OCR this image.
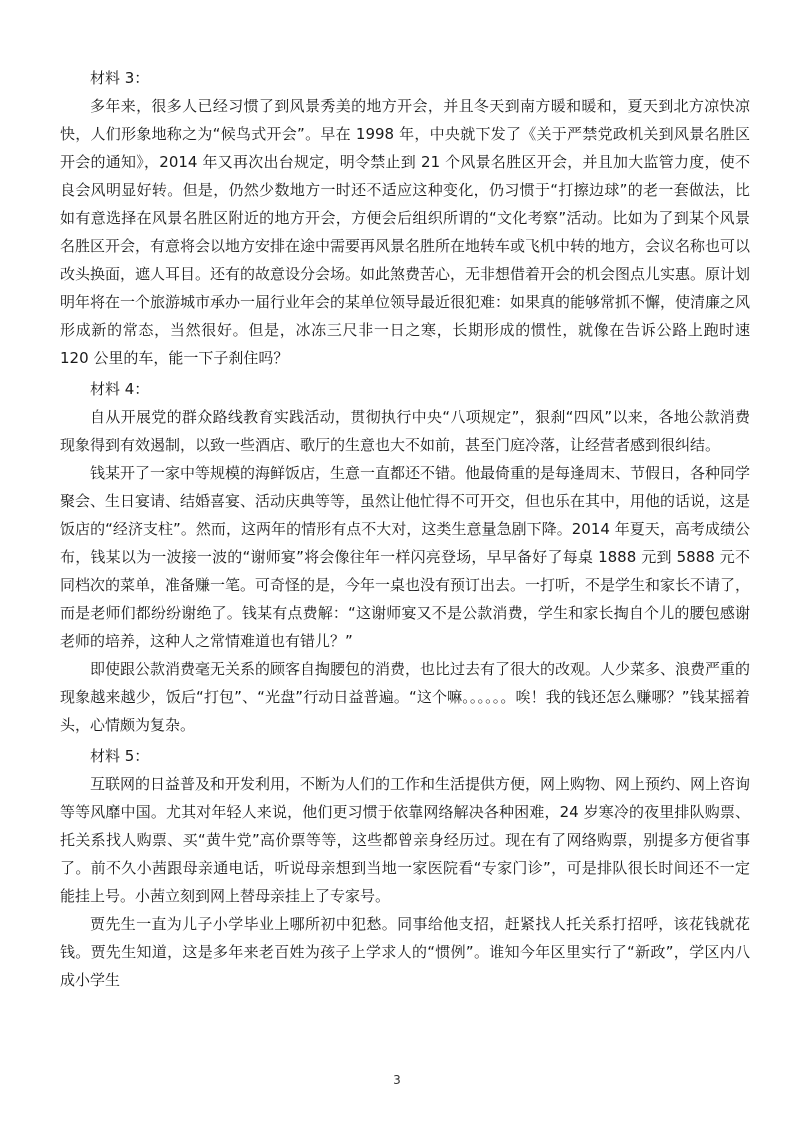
材料 3：

多年来，很多人已经习惯了到风景秀美的地方开会，并且冬天到南方暖和暖和，夏天到北方凉快凉快，人们形象地称之为“候鸟式开会”。早在 1998 年，中央就下发了《关于严禁党政机关到风景名胜区开会的通知》，2014 年又再次出台规定，明令禁止到 21 个风景名胜区开会，并且加大监管力度，使不良会风明显好转。但是，仍然少数地方一时还不适应这种变化，仍习惯于“打擦边球”的老一套做法，比如有意选择在风景名胜区附近的地方开会，方便会后组织所谓的“文化考察”活动。比如为了到某个风景名胜区开会，有意将会以地方安排在途中需要再风景名胜所在地转车或飞机中转的地方，会议名称也可以改头换面，遮人耳目。还有的故意设分会场。如此煞费苦心，无非想借着开会的机会图点儿实惠。原计划明年将在一个旅游城市承办一届行业年会的某单位领导最近很犯难：如果真的能够常抓不懈，使清廉之风形成新的常态，当然很好。但是，冰冻三尺非一日之寒，长期形成的惯性，就像在告诉公路上跑时速 120 公里的车，能一下子刹住吗？

材料 4：

自从开展党的群众路线教育实践活动，贯彻执行中央“八项规定”，狠刹“四风”以来，各地公款消费现象得到有效遏制，以致一些酒店、歌厅的生意也大不如前，甚至门庭冷落，让经营者感到很纠结。

钱某开了一家中等规模的海鲜饭店，生意一直都还不错。他最倚重的是每逢周末、节假日，各种同学聚会、生日宴请、结婚喜宴、活动庆典等等，虽然让他忙得不可开交，但也乐在其中，用他的话说，这是饭店的“经济支柱”。然而，这两年的情形有点不大对，这类生意量急剧下降。2014 年夏天，高考成绩公布，钱某以为一波接一波的“谢师宴”将会像往年一样闪亮登场，早早备好了每桌 1888 元到 5888 元不同档次的菜单，准备赚一笔。可奇怪的是，今年一桌也没有预订出去。一打听，不是学生和家长不请了，而是老师们都纷纷谢绝了。钱某有点费解：“这谢师宴又不是公款消费，学生和家长掏自个儿的腰包感谢老师的培养，这种人之常情难道也有错儿？”

即使跟公款消费毫无关系的顾客自掏腰包的消费，也比过去有了很大的改观。人少菜多、浪费严重的现象越来越少，饭后“打包”、“光盘”行动日益普遍。“这个嘛。。。。。。唉！我的钱还怎么赚哪？”钱某摇着头，心情颇为复杂。

材料 5：

互联网的日益普及和开发利用，不断为人们的工作和生活提供方便，网上购物、网上预约、网上咨询等等风靡中国。尤其对年轻人来说，他们更习惯于依靠网络解决各种困难，24 岁寒冷的夜里排队购票、托关系找人购票、买“黄牛党”高价票等等，这些都曾亲身经历过。现在有了网络购票，别提多方便省事了。前不久小茜跟母亲通电话，听说母亲想到当地一家医院看“专家门诊”，可是排队很长时间还不一定能挂上号。小茜立刻到网上替母亲挂上了专家号。

贾先生一直为儿子小学毕业上哪所初中犯愁。同事给他支招，赶紧找人托关系打招呼，该花钱就花钱。贾先生知道，这是多年来老百姓为孩子上学求人的“惯例”。谁知今年区里实行了“新政”，学区内八成小学生

3
